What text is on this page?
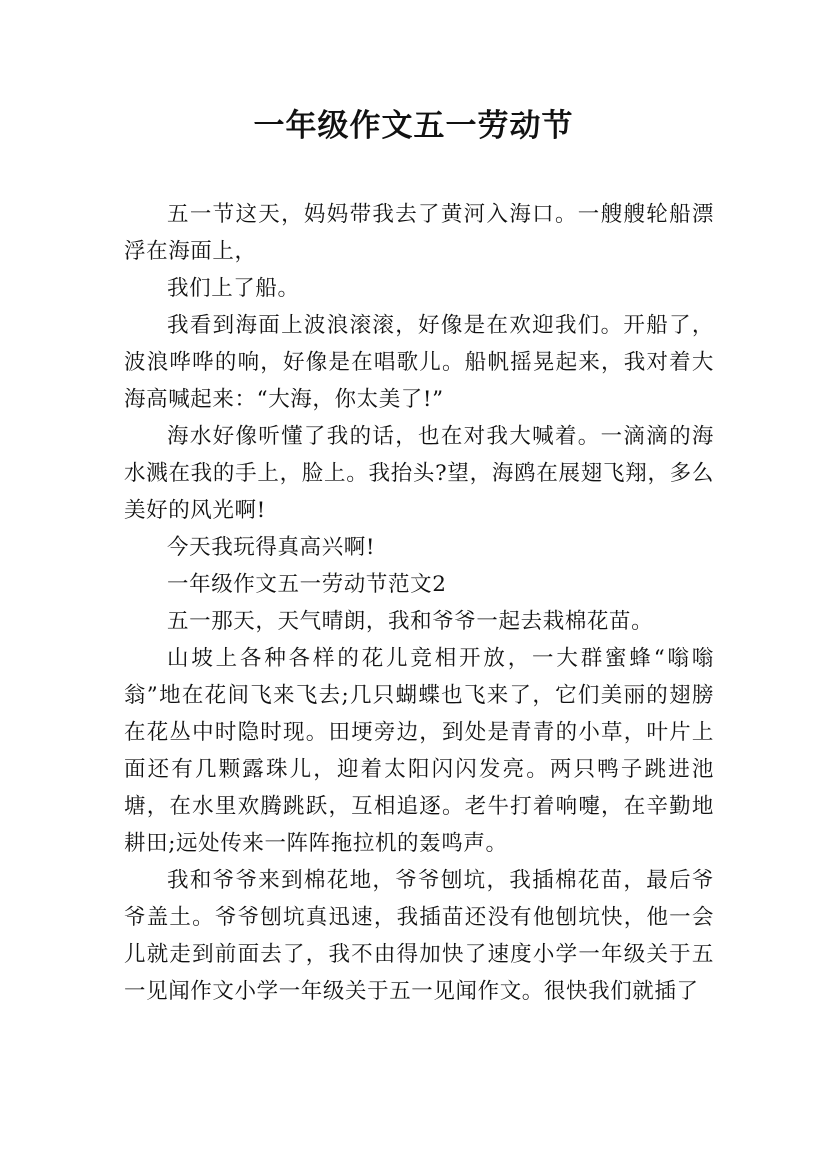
一年级作文五一劳动节

五一节这天，妈妈带我去了黄河入海口。一艘艘轮船漂浮在海面上，

我们上了船。

我看到海面上波浪滚滚，好像是在欢迎我们。开船了，波浪哗哗的响，好像是在唱歌儿。船帆摇晃起来，我对着大海高喊起来：“大海，你太美了!”

海水好像听懂了我的话，也在对我大喊着。一滴滴的海水溅在我的手上，脸上。我抬头?望，海鸥在展翅飞翔，多么美好的风光啊!

今天我玩得真高兴啊!

一年级作文五一劳动节范文2

五一那天，天气晴朗，我和爷爷一起去栽棉花苗。

山坡上各种各样的花儿竞相开放，一大群蜜蜂“嗡嗡翁”地在花间飞来飞去;几只蝴蝶也飞来了，它们美丽的翅膀在花丛中时隐时现。田埂旁边，到处是青青的小草，叶片上面还有几颗露珠儿，迎着太阳闪闪发亮。两只鸭子跳进池塘，在水里欢腾跳跃，互相追逐。老牛打着响嚏，在辛勤地耕田;远处传来一阵阵拖拉机的轰鸣声。

我和爷爷来到棉花地，爷爷刨坑，我插棉花苗，最后爷爷盖土。爷爷刨坑真迅速，我插苗还没有他刨坑快，他一会儿就走到前面去了，我不由得加快了速度小学一年级关于五一见闻作文小学一年级关于五一见闻作文。很快我们就插了
